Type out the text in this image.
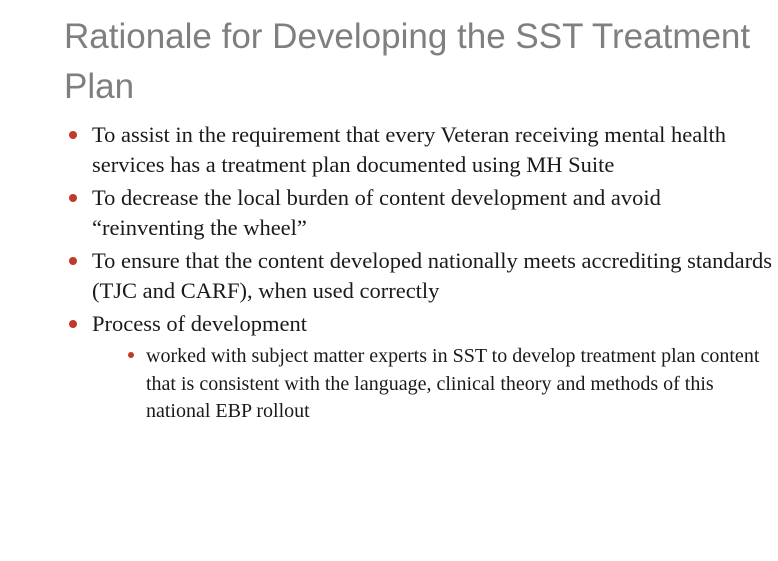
Rationale for Developing the SST Treatment Plan
To assist in the requirement that every Veteran receiving mental health services has a treatment plan documented using MH Suite
To decrease the local burden of content development and avoid “reinventing the wheel”
To ensure that the content developed nationally meets accrediting standards (TJC and CARF), when used correctly
Process of development
worked with subject matter experts in SST to develop treatment plan content that is consistent with the language, clinical theory and methods of this national EBP rollout
